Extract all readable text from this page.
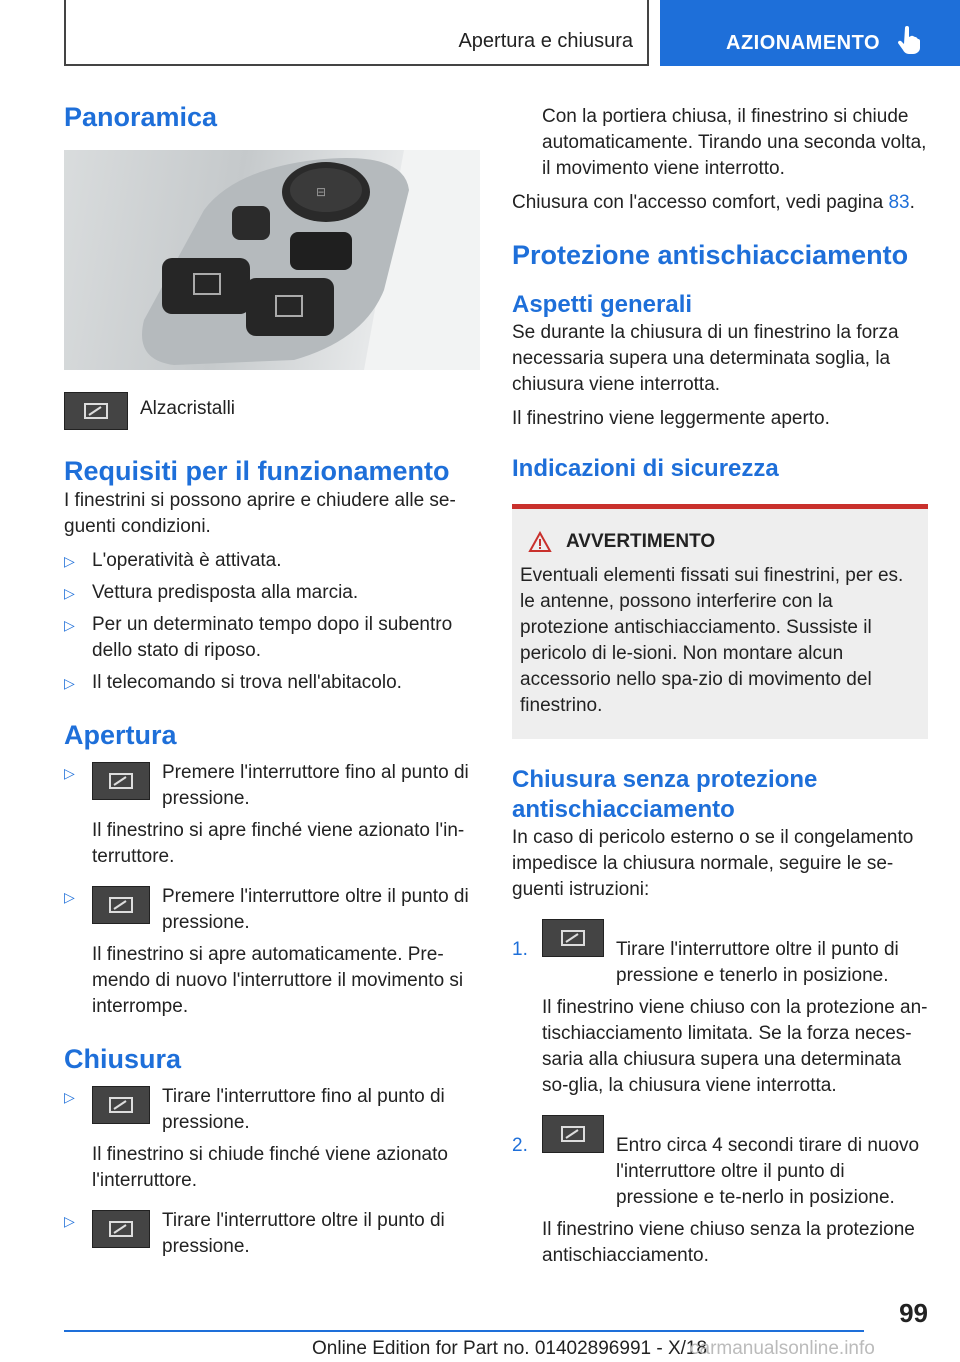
Apertura e chiusura	AZIONAMENTO
Panoramica
⊟
Alzacristalli
Requisiti per il funzionamento

I finestrini si possono aprire e chiudere alle se-guenti condizioni.

▷ L'operatività è attivata.
▷ Vettura predisposta alla marcia.
▷ Per un determinato tempo dopo il subentro dello stato di riposo.
▷ Il telecomando si trova nell'abitacolo.
Apertura
▷	Premere l'interruttore fino al punto di pressione.

Il finestrino si apre finché viene azionato l'in-terruttore.

▷	Premere l'interruttore oltre il punto di pressione.

Il finestrino si apre automaticamente. Pre-mendo di nuovo l'interruttore il movimento si interrompe.

Chiusura
▷	Tirare l'interruttore fino al punto di pressione.

Il finestrino si chiude finché viene azionato l'interruttore.

▷	Tirare l'interruttore oltre il punto di pressione.

Con la portiera chiusa, il finestrino si chiude automaticamente. Tirando una seconda volta, il movimento viene interrotto.

Chiusura con l'accesso comfort, vedi pagina 83.

Protezione antischiacciamento
Aspetti generali

Se durante la chiusura di un finestrino la forza necessaria supera una determinata soglia, la chiusura viene interrotta.

Il finestrino viene leggermente aperto.

Indicazioni di sicurezza
AVVERTIMENTO

Eventuali elementi fissati sui finestrini, per es. le antenne, possono interferire con la protezione antischiacciamento. Sussiste il pericolo di le-sioni. Non montare alcun accessorio nello spa-zio di movimento del finestrino.

Chiusura senza protezione antischiacciamento

In caso di pericolo esterno o se il congelamento impedisce la chiusura normale, seguire le se-guenti istruzioni:

1.	Tirare l'interruttore oltre il punto di pressione e tenerlo in posizione.

Il finestrino viene chiuso con la protezione an-tischiacciamento limitata. Se la forza neces-saria alla chiusura supera una determinata so-glia, la chiusura viene interrotta.

2.	Entro circa 4 secondi tirare di nuovo l'interruttore oltre il punto di pressione e te-nerlo in posizione.

Il finestrino viene chiuso senza la protezione antischiacciamento.

99
Online Edition for Part no. 01402896991 - X/18
carmanualsonline.info
